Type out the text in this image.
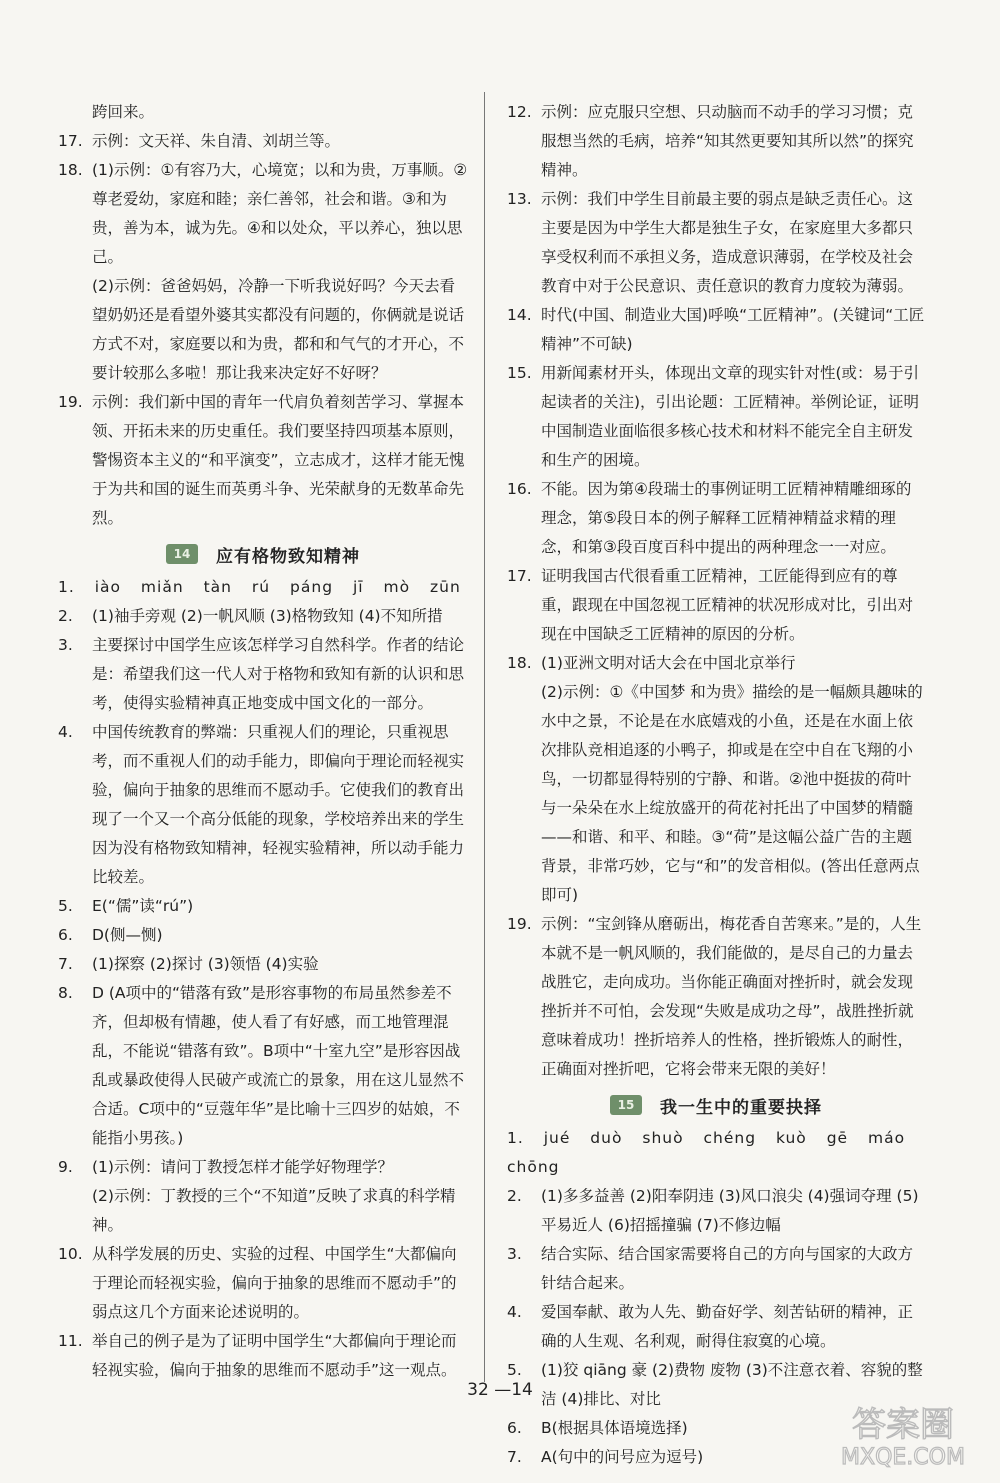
跨回来。
17. 示例：文天祥、朱自清、刘胡兰等。
18. (1)示例：①有容乃大，心境宽；以和为贵，万事顺。②尊老爱幼，家庭和睦；亲仁善邻，社会和谐。③和为贵，善为本，诚为先。④和以处众，平以养心，独以思己。
(2)示例：爸爸妈妈，冷静一下听我说好吗？今天去看望奶奶还是看望外婆其实都没有问题的，你俩就是说话方式不对，家庭要以和为贵，都和和气气的才开心，不要计较那么多啦！那让我来决定好不好呀？
19. 示例：我们新中国的青年一代肩负着刻苦学习、掌握本领、开拓未来的历史重任。我们要坚持四项基本原则，警惕资本主义的“和平演变”，立志成才，这样才能无愧于为共和国的诞生而英勇斗争、光荣献身的无数革命先烈。
14	应有格物致知精神
1. iào miǎn tàn rú páng jī mò zūn
2.	(1)袖手旁观 (2)一帆风顺 (3)格物致知 (4)不知所措
3.	主要探讨中国学生应该怎样学习自然科学。作者的结论是：希望我们这一代人对于格物和致知有新的认识和思考，使得实验精神真正地变成中国文化的一部分。
4.	中国传统教育的弊端：只重视人们的理论，只重视思考，而不重视人们的动手能力，即偏向于理论而轻视实验，偏向于抽象的思维而不愿动手。它使我们的教育出现了一个又一个高分低能的现象，学校培养出来的学生因为没有格物致知精神，轻视实验精神，所以动手能力比较差。
5.	E(“儒”读“rú”)
6.	D(侧—恻)
7.	(1)探察 (2)探讨 (3)领悟 (4)实验
8.	D (A项中的“错落有致”是形容事物的布局虽然参差不齐，但却极有情趣，使人看了有好感，而工地管理混乱，不能说“错落有致”。B项中“十室九空”是形容因战乱或暴政使得人民破产或流亡的景象，用在这儿显然不合适。C项中的“豆蔻年华”是比喻十三四岁的姑娘，不能指小男孩。)
9.	(1)示例：请问丁教授怎样才能学好物理学？
(2)示例：丁教授的三个“不知道”反映了求真的科学精神。
10. 从科学发展的历史、实验的过程、中国学生“大都偏向于理论而轻视实验，偏向于抽象的思维而不愿动手”的弱点这几个方面来论述说明的。
11. 举自己的例子是为了证明中国学生“大都偏向于理论而轻视实验，偏向于抽象的思维而不愿动手”这一观点。
12. 示例：应克服只空想、只动脑而不动手的学习习惯；克服想当然的毛病，培养“知其然更要知其所以然”的探究精神。
13. 示例：我们中学生目前最主要的弱点是缺乏责任心。这主要是因为中学生大都是独生子女，在家庭里大多都只享受权利而不承担义务，造成意识薄弱，在学校及社会教育中对于公民意识、责任意识的教育力度较为薄弱。
14. 时代(中国、制造业大国)呼唤“工匠精神”。(关键词“工匠精神”不可缺)
15. 用新闻素材开头，体现出文章的现实针对性(或：易于引起读者的关注)，引出论题：工匠精神。举例论证，证明中国制造业面临很多核心技术和材料不能完全自主研发和生产的困境。
16. 不能。因为第④段瑞士的事例证明工匠精神精雕细琢的理念，第⑤段日本的例子解释工匠精神精益求精的理念，和第③段百度百科中提出的两种理念一一对应。
17. 证明我国古代很看重工匠精神，工匠能得到应有的尊重，跟现在中国忽视工匠精神的状况形成对比，引出对现在中国缺乏工匠精神的原因的分析。
18. (1)亚洲文明对话大会在中国北京举行
(2)示例：①《中国梦 和为贵》描绘的是一幅颇具趣味的水中之景，不论是在水底嬉戏的小鱼，还是在水面上依次排队竞相追逐的小鸭子，抑或是在空中自在飞翔的小鸟，一切都显得特别的宁静、和谐。②池中挺拔的荷叶与一朵朵在水上绽放盛开的荷花衬托出了中国梦的精髓——和谐、和平、和睦。③“荷”是这幅公益广告的主题背景，非常巧妙，它与“和”的发音相似。(答出任意两点即可)
19. 示例：“宝剑锋从磨砺出，梅花香自苦寒来。”是的，人生本就不是一帆风顺的，我们能做的，是尽自己的力量去战胜它，走向成功。当你能正确面对挫折时，就会发现挫折并不可怕，会发现“失败是成功之母”，战胜挫折就意味着成功！挫折培养人的性格，挫折锻炼人的耐性，正确面对挫折吧，它将会带来无限的美好！
15	我一生中的重要抉择
1. jué duò shuò chéng kuò gē máo chōng
2.	(1)多多益善 (2)阳奉阴违 (3)风口浪尖 (4)强词夺理 (5)平易近人 (6)招摇撞骗 (7)不修边幅
3.	结合实际、结合国家需要将自己的方向与国家的大政方针结合起来。
4.	爱国奉献、敢为人先、勤奋好学、刻苦钻研的精神，正确的人生观、名利观，耐得住寂寞的心境。
5.	(1)狡 qiāng 豪 (2)费物 废物 (3)不注意衣着、容貌的整洁 (4)排比、对比
6.	B(根据具体语境选择)
7.	A(句中的问号应为逗号)
32 —14
答案圈
MXQE.COM
